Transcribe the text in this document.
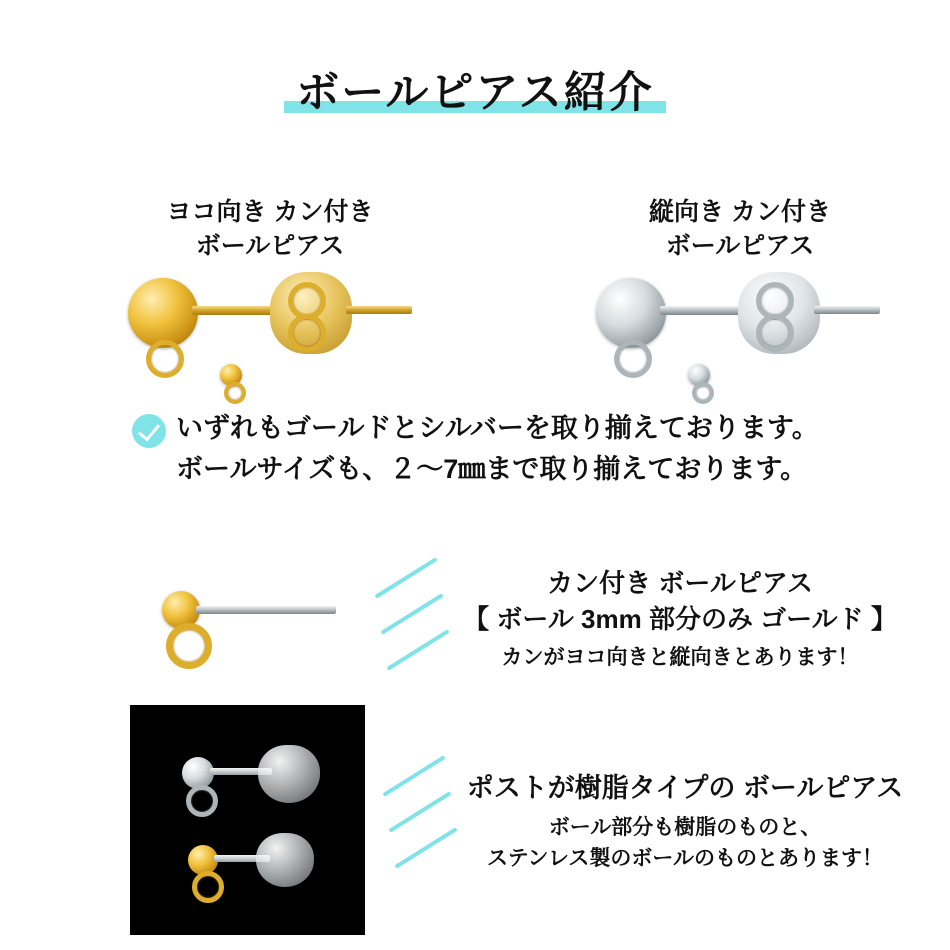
ボールピアス紹介
ヨコ向き カン付き
ボールピアス
縦向き カン付き
ボールピアス
いずれもゴールドとシルバーを取り揃えております。
ボールサイズも、２〜7㎜まで取り揃えております。
カン付き ボールピアス
【 ボール 3mm 部分のみ ゴールド 】
カンがヨコ向きと縦向きとあります！
ポストが樹脂タイプの ボールピアス
ボール部分も樹脂のものと、
ステンレス製のボールのものとあります！
